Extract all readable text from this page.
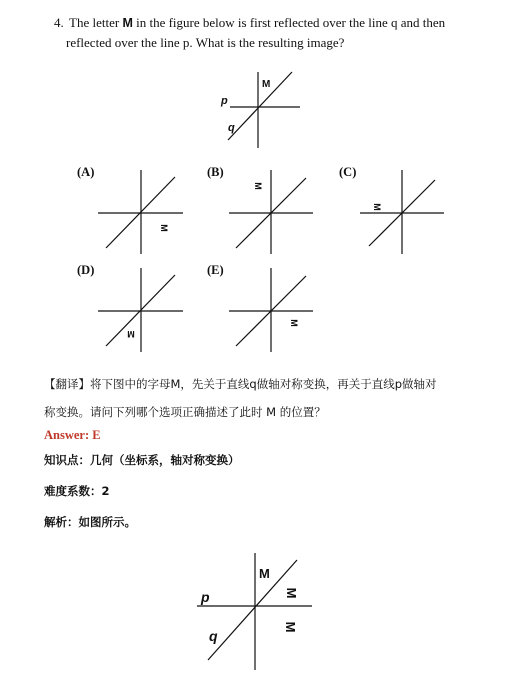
4. The letter M in the figure below is first reflected over the line q and then
reflected over the line p. What is the resulting image?
M
p
q
(A)	(B)	(C)
(D)	(E)
M
M
M
M
M
【翻译】将下图中的字母M，先关于直线q做轴对称变换，再关于直线p做轴对
称变换。请问下列哪个选项正确描述了此时 M 的位置？
Answer: E
知识点：几何（坐标系，轴对称变换）
难度系数：2
解析：如图所示。
M
M
M
p
q
